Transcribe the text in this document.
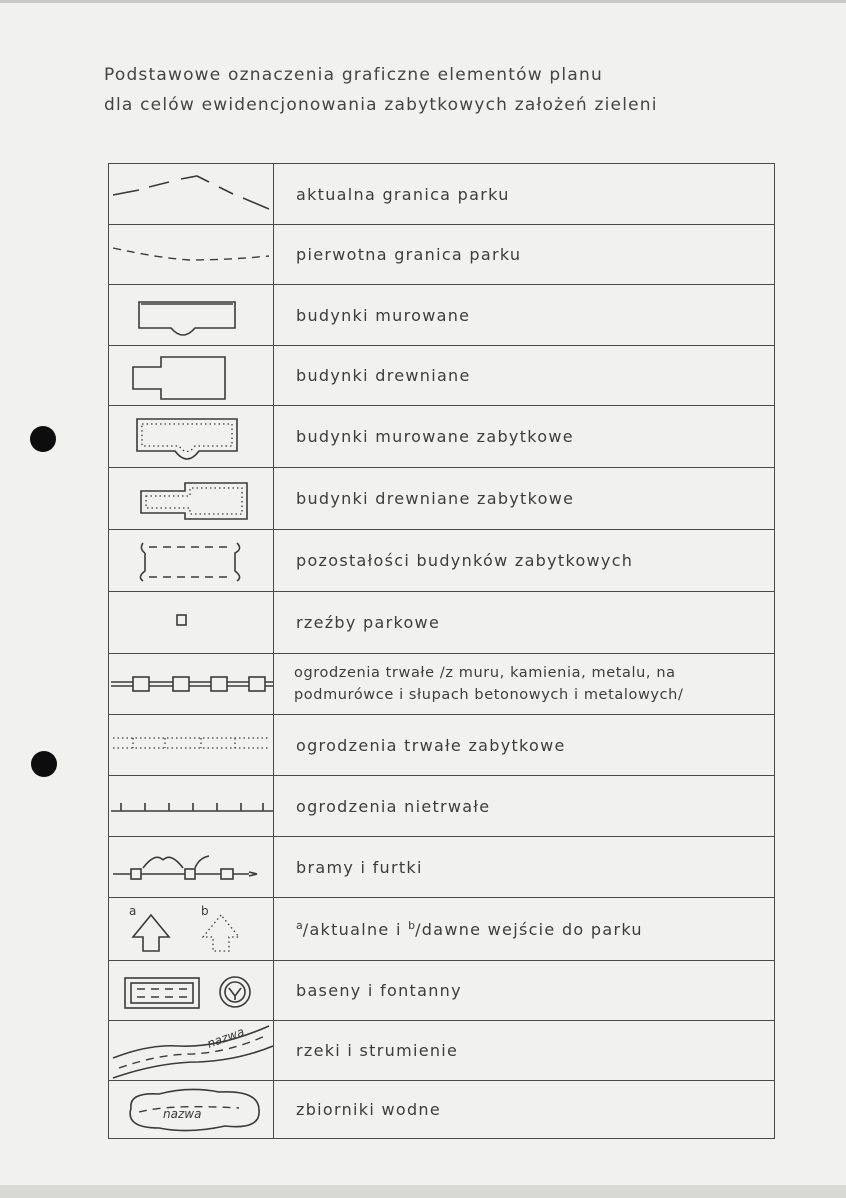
Podstawowe oznaczenia graficzne elementów planu
dla celów ewidencjonowania zabytkowych założeń zieleni
	aktualna granica parku

	pierwotna granica parku

	budynki murowane

	budynki drewniane

	budynki murowane zabytkowe

	budynki drewniane zabytkowe

	pozostałości budynków zabytkowych

	rzeźby parkowe

ogrodzenia trwałe /z muru, kamienia, metalu, na
podmurówce i słupach betonowych i metalowych/

	ogrodzenia trwałe zabytkowe

	ogrodzenia nietrwałe

	bramy i furtki

a b	$^a$/aktualne i $^b$/dawne wejście do parku

	baseny i fontanny

nazwa	rzeki i strumienie

nazwa	zbiorniki wodne
